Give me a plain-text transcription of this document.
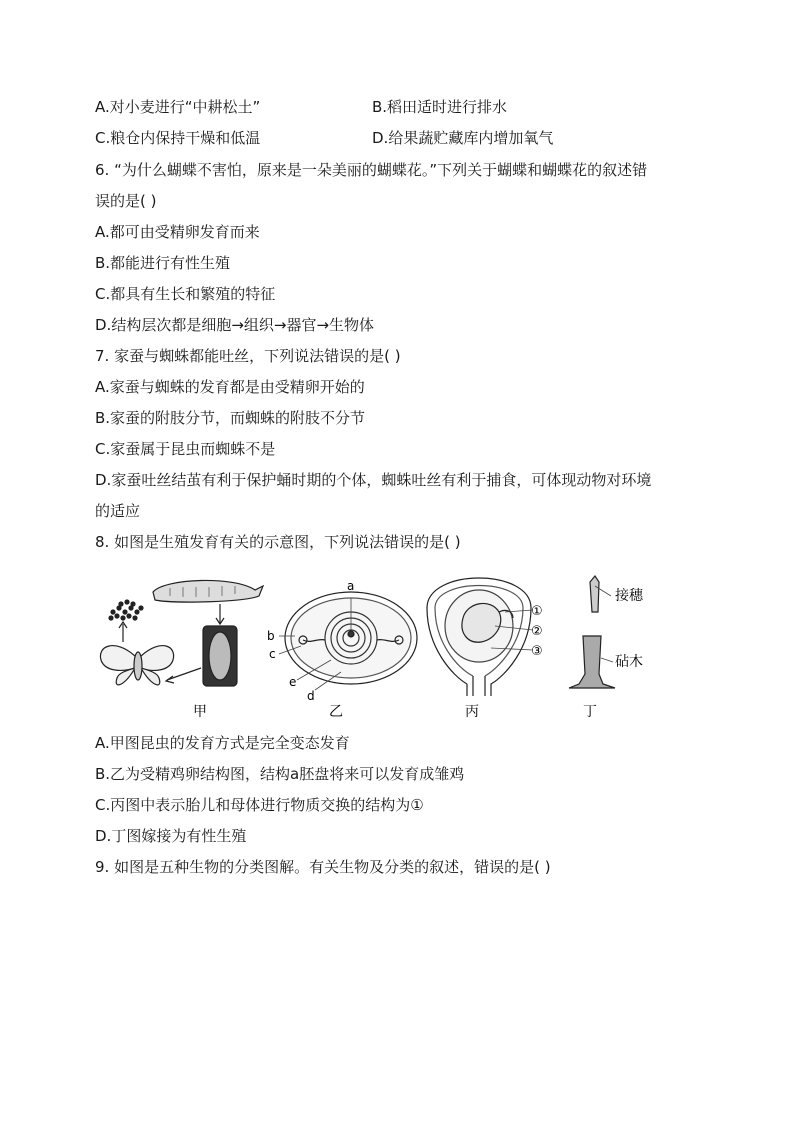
A.对小麦进行“中耕松土”	B.稻田适时进行排水
C.粮仓内保持干燥和低温	D.给果蔬贮藏库内增加氧气
6. “为什么蝴蝶不害怕，原来是一朵美丽的蝴蝶花。”下列关于蝴蝶和蝴蝶花的叙述错
误的是( )
A.都可由受精卵发育而来
B.都能进行有性生殖
C.都具有生长和繁殖的特征
D.结构层次都是细胞→组织→器官→生物体
7. 家蚕与蜘蛛都能吐丝，下列说法错误的是( )
A.家蚕与蜘蛛的发育都是由受精卵开始的
B.家蚕的附肢分节，而蜘蛛的附肢不分节
C.家蚕属于昆虫而蜘蛛不是
D.家蚕吐丝结茧有利于保护蛹时期的个体，蜘蛛吐丝有利于捕食，可体现动物对环境
的适应
8. 如图是生殖发育有关的示意图，下列说法错误的是( )
a
b
c
d
e
①
②
③
接穗
砧木
甲	乙	丙	丁
A.甲图昆虫的发育方式是完全变态发育
B.乙为受精鸡卵结构图，结构a胚盘将来可以发育成雏鸡
C.丙图中表示胎儿和母体进行物质交换的结构为①
D.丁图嫁接为有性生殖
9. 如图是五种生物的分类图解。有关生物及分类的叙述，错误的是( )
